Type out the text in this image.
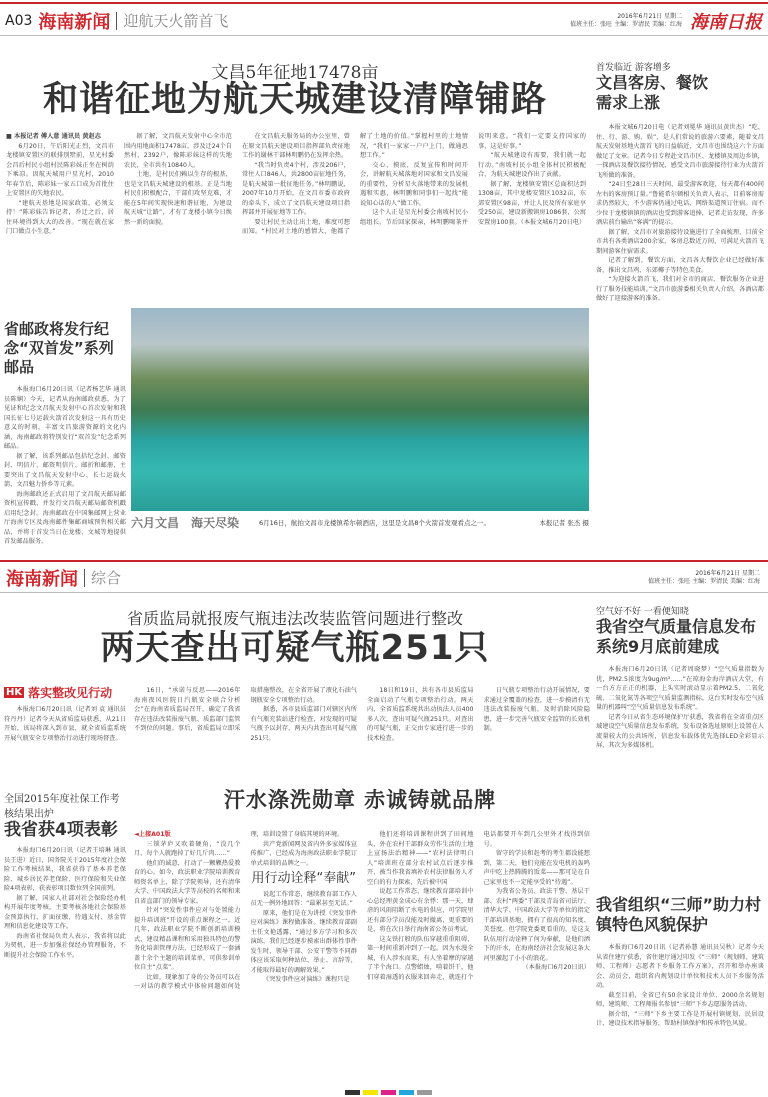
A03 海南新闻 迎航天火箭首飞	2016年6月21日 星期二
值班主任：张旺 主编：罗清民 美编：红海 海南日报
文昌5年征地17478亩
和谐征地为航天城建设清障铺路

■ 本报记者 傅人意 通讯员 黄赵志

6月20日，午后阳光正烈，文昌市龙楼镇安置区的联排别墅前，星光村委会昌后村民小组村民陈彩妹正坐在树荫下乘凉。因航天城用户星光村，2010年春节后，陈彩妹一家五口成为首批住上安置区的失地农民。

“建航天基地是国家政策，必须支持！”陈彩妹告诉记者，乔迁之后，居住环境得到大大的改善。“现在就在家门口做点小生意。”

据了解，文昌航天发射中心全市范围内用地面积17478亩，涉及迁24个自然村，2392户，像陈彩妹这样的失地农民，全市共有10840人。

土地，是村民们赖以生存的根基，也是文昌航天城建设的根基。正是当地村民们积极配合，干部们攻坚克难，才能在5年间实现快速和谐征地，为建设航天城“让路”，才有了龙楼小镇今日焕然一新的面貌。

在文昌航天服务局的办公室里，曾在原文昌航天建设项目指挥部负责征地工作的谢林干部林明鹏仍在发挥余热。

“我当时负责4个村，涉及206户，常住人口846人，共2800亩征地任务，是航天城第一批征地任务。”林明鹏说，2007年10月开始，在文昌市委市政府的牵头下，成立了文昌航天建设项目指挥部并开展征地等工作。

要让村民主动让出土地，难度可想而知。“村民对土地的感情大，他都了解了土地的价值。”掌握村里的土地情况，“我们一家家一户户上门，做通思想工作。”

交心、摸底，反复宣传和时间开会，讲解航天城落地对国家和文昌发展的重要性，分析星火落地带来的发展机遇和实惠，林明鹏和同事们一起找“能说知心话的人”做工作。

这个人正是星光村委会南坡村民小组组长，节后回家探亲，林明鹏喝茶并说明来意。“我们一定要支持国家的事，这是好事。”

“航天城建设有需要，我们就一起行动。”南坡村民小组全体村民积极配合，为航天城建设作出了贡献。

据了解，龙楼镇安置区总面积达到1308亩，其中龙楼安置区1032亩，东郊安置区98亩，并让人民及所有家庭享受250亩，建设新搬镇房1086套，公寓安置房100套。（本报文城6月20日电）

首发临近 游客增多
文昌客房、餐饮需求上涨

本报文城6月20日电（记者刘冕华 通讯员黄世杰）“吃、住、行、游、购、娱”，是人们常说的旅游六要素，随着文昌航天发射基地火箭首飞的日益临近，文昌市也围绕这六个方面做足了文章。记者今日专程赴文昌市区、龙楼镇及周边乡镇，一探酒店及餐饮接待情况，感受文昌市旅游接待行业为火箭首飞所做的准备。

“24日至28日三天时间，最受游客欢迎，每天都有400间左右的客房预订量。”鲁能希尔顿相关负责人表示，目前客房需求仍然较大，不少游客仍通过电话、网络渠道预订住宿。而不少位于龙楼镇镇的酒店也受到游客追捧，记者走访发现，许多酒店前台输出“客满”的提示。

据了解，文昌市对旅游接待设施进行了全面梳理，目前全市共有各类酒店200余家，客房总数近万间，可满足火箭首飞期间游客住宿需求。

记者了解到，餐饮方面，文昌各大餐饮企业已经做好准备，推出文昌鸡、东郊椰子等特色美食。

“为迎接火箭首飞，我们对全市的商店、餐饮服务企业进行了服务技能培训。”文昌市旅游委相关负责人介绍，各酒店都做好了迎接游客的准备。

省邮政将发行纪念“双首发”系列邮品

本报海口6月20日讯（记者杨艺华 通讯员陈娴）今天，记者从海南邮政获悉，为了见证和纪念文昌航天发射中心首次发射和我国长征七号运载火箭首次发射这一具有历史意义的时刻，丰富文昌旅游资源的文化内涵，海南邮政将特别发行“双首发”纪念系列邮品。

据了解，该系列邮品包括纪念封、邮资封、明信片、邮资明信片、邮折和邮册，主要突出了文昌航天发射中心、长七运载火箭、文昌魅力侨乡等元素。

海南邮政还正式启用了文昌航天邮局邮资机宣传戳，并发行文昌航天邮局邮资机戳启用纪念封。海南邮政在中国集邮网上营业厅海南专区及海南邮件集邮商城预售相关邮品，并将于首发当日在龙楼、文城等地提供首发邮品服务。

六月文昌　海天尽染	6月16日，航拍文昌市龙楼镇希尔顿酒店，这里是文昌8个火箭首发观看点之一。	本报记者 张杰 摄
海南新闻 综合	2016年6月21日 星期二
值班主任：张旺 主编：罗清民 美编：红海
省质监局就报废气瓶违法改装监管问题进行整改
两天查出可疑气瓶251只
HK 落实整改见行动

本报海口6月20日讯（记者刘 袁 通讯员符丹丹）记者今天从省质监局获悉，从21日开始，该局将深入到市县，就全省质监系统开展气瓶安全专项整治行动进行现场督查。

16日，“承诺与反思——2016年海南夜风医院日汽瓶安全联合分析会”在海南省质监局召开，确定了我省存在违法改装报废气瓶、质监部门监管不到位的问题。事后，省质监局立即采取措施整改，在全省开展了液化石油气钢瓶安全专项整治行动。

据悉，各市县质监部门对辖区内所有气瓶充装站进行检查，对发现的可疑气瓶予以封存，两天内共查出可疑气瓶251只。

18日和19日，共有各市县质监局全面启动了气瓶专项整治行动。两天内，全省质监系统共出动执法人员400多人次，查出可疑气瓶251只。对查出的可疑气瓶，正交由专家进行进一步的技术检查。

日气瓶专项整治行动开展情况，要求通过全覆盖的检查，进一步摸清有无违法改装报废气瓶，及时消除风险隐患，进一步完善气瓶安全监管的长效机制。

全国2015年度社保工作考核结果出炉
我省获4项表彰

本报海口6月20日讯（记者王培琳 通讯员王进）近日，国务院关于2015年度社会保险工作考核结果，我省获得了基本养老保险、城乡居民养老保险、医疗保险和失业保险4项表彰，获表彰项目数位列全国前列。

据了解，国家人社部对社会保险经办机构开展年度考核，主要考核各地社会保险基金预算执行、扩面征缴、待遇支付、基金管理和信息化建设等工作。

海南省社保局负责人表示，我省将以此为契机，进一步加强社保经办管理服务，不断提升社会保险工作水平。

汗水涤洗勋章 赤诚铸就品牌

◄上接A01版

三锁茅庐又吹着硬角，“没几个月，每个人就跑掉了好几斤肉……”

他们的诚意，打动了一颗颗热爱教育的心。如今，政法职业学院培训教育师资名单上，除了学院领导，还有清华大学、中国政法大学等高校的名师和来自省直部门的领导专家。

针对“突发性事件应对与处置能力提升培训班”开设的重点课程之一。近几年，政法职业学院不断创新培训模式，建设精品课程和采用独具特色的警务化培训管理方法，已经形成了一套涵盖十余个主题的培训菜单，可供参训单位自主“点菜”。

比如，现象加了身的公务员可以在一对话的教学模式中体验问题如何处理，培训设置了身临其境的环境。

共产党新闻网及省内外多家媒体宣传推广，已经成为海南政法职业学院订单式培训的品牌之一。

用行动诠释“奉献”

说起工作常态，继续教育部工作人员无一例外地回答：“最累甚至无法。”

原来，他们是在为讲授《突发事件应对演练》课程做准备。继续教育部副主任文艳透露，“通过多方学习和多次演练，我们已经逐步摸索出群体性事件发生时，领导干部、公安干警等不同群体应该采取何种站位、举止、言辞等，才能取得最好的调解效果。”

《突发事件应对演练》课程只是

他们还将培训课程讲到了田间地头，外在农村干部群众劳作生活的土地上宣扬法治精神——“农村法律明白人”培训班在部分农村试点后逐步推开，被当作我省填补农村法律服务人才空白的有力探索，先后被中国

说起工作常态，继续教育部培训中心总经理黄金成心有余悸：那一天，肆虐的风雨阻断了水电的供应，可学院里还有部分学员没能及时撤离，更重要的是，将在次日举行海南省公务员考试。

这支铁打般的队伍穿越重重阻碍，第一时间重新冲到了一起。因为水漫全城，有人涉水而来，有人坐着摩的穿越了半个海口。点警蜡烛，啃着饼干，他们穿着湿透的衣服来回奔走，就连打个电话都要开车到几公里外才找得到信号。

留守的学员和赶考的考生都没能想到，第二天，他们竟能在发电机的轰鸣声中吃上热腾腾的饭菜——那可是在自己家里也不一定能享受的“待遇”。

为我省公务员、政法干警、基层干部、农村“两委”干部及青岛省司法厅、清华大学、中国政法大学等单位的指定干部培训基地，拥有了很高的知名度、美誉度。但学院党委更看重的，是这支队伍用行动诠释了何为奉献，是他们洒下的汗水，在海南经济社会发展这条大河里激起了小小的浪花。

（本报海口6月20日讯）

空气好不好 一看便知晓
我省空气质量信息发布系统9月底前建成

本报海口6月20日讯（记者周晓梦）“空气质量指数为优，PM2.5浓度为9ug/m³……”在琼海金海岸酒店大堂，有一台方方正正的机器，上头实时滚动显示着PM2.5、二氧化硫、二氧化氮等各项空气质量监测指标。这台实时发布空气质量的机器叫“空气质量信息发布系统”。

记者今日从省生态环境保护厅获悉，我省将在全省重点区域建设空气质量信息发布系统，发布设备选址原则上设置在人流量较大的公共场所，信息发布载体优先选择LED全彩显示屏，其次为多媒体机。

我省组织“三师”助力村镇特色风貌保护

本报海口6月20日讯（记者孙慧 通讯员吴秋）记者今天从省住建厅获悉，省住建厅通过印发《“三师”（规划师、建筑师、工程师）志愿者下乡服务工作方案》，召开和举办座谈会、动员会，组织省内规划设计单位和技术人员下乡服务活动。

截至目前，全省已有50余家设计单位、2000余名规划师、建筑师、工程师报名参加“三师”下乡志愿服务活动。

据介绍，“三师”下乡主要工作是开展村镇规划、民居设计、建设技术指导服务，帮助村镇保护和传承特色风貌。
